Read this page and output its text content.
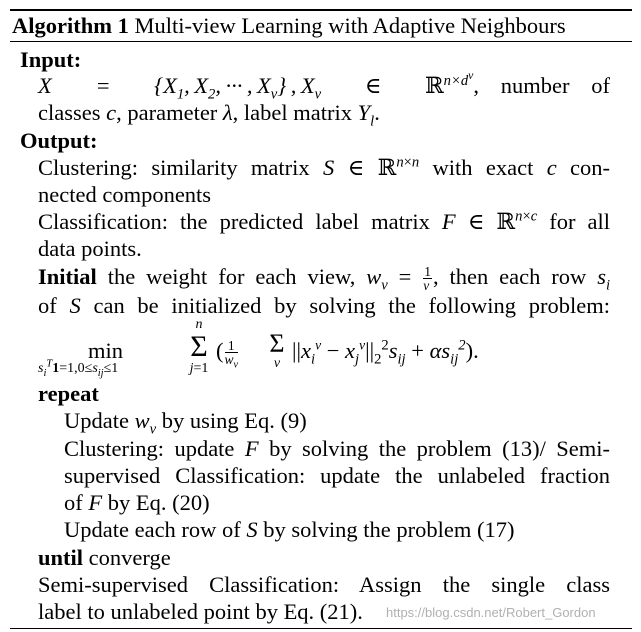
Algorithm 1 Multi-view Learning with Adaptive Neighbours
Input:
$X = \{X_1$, $X_2$, ··· , $X_v$} , $X_v$  ∈  ℝ$^{n\times d^v}$, number of
classes c, parameter λ, label matrix $Y_l$.
Output:
Clustering: similarity matrix S ∈ ℝ$^{n\times n}$ with exact c con-
nected components
Classification: the predicted label matrix F ∈ ℝ$^{n\times c}$ for all
data points.
Initial the weight for each view, $w_v = \frac{1}{v}$ , then each row $s_i$
of S can be initialized by solving the following problem:
min
$s_i^T1=1,0\le s_{ij}\le 1$
n
Σ
j=1
( $\frac{1}{w_v}$ Σ
v
$||x_i^v - x_j^v||_2^2s_{ij} + \alpha s_{ij}^2$).
repeat
Update $w_v$ by using Eq. (9)
Clustering: update F by solving the problem (13)/ Semi-
supervised Classification: update the unlabeled fraction
of F by Eq. (20)
Update each row of S by solving the problem (17)
until converge
Semi-supervised Classification: Assign the single class
label to unlabeled point by Eq. (21). https://blog.csdn.net/Robert_Gordon
